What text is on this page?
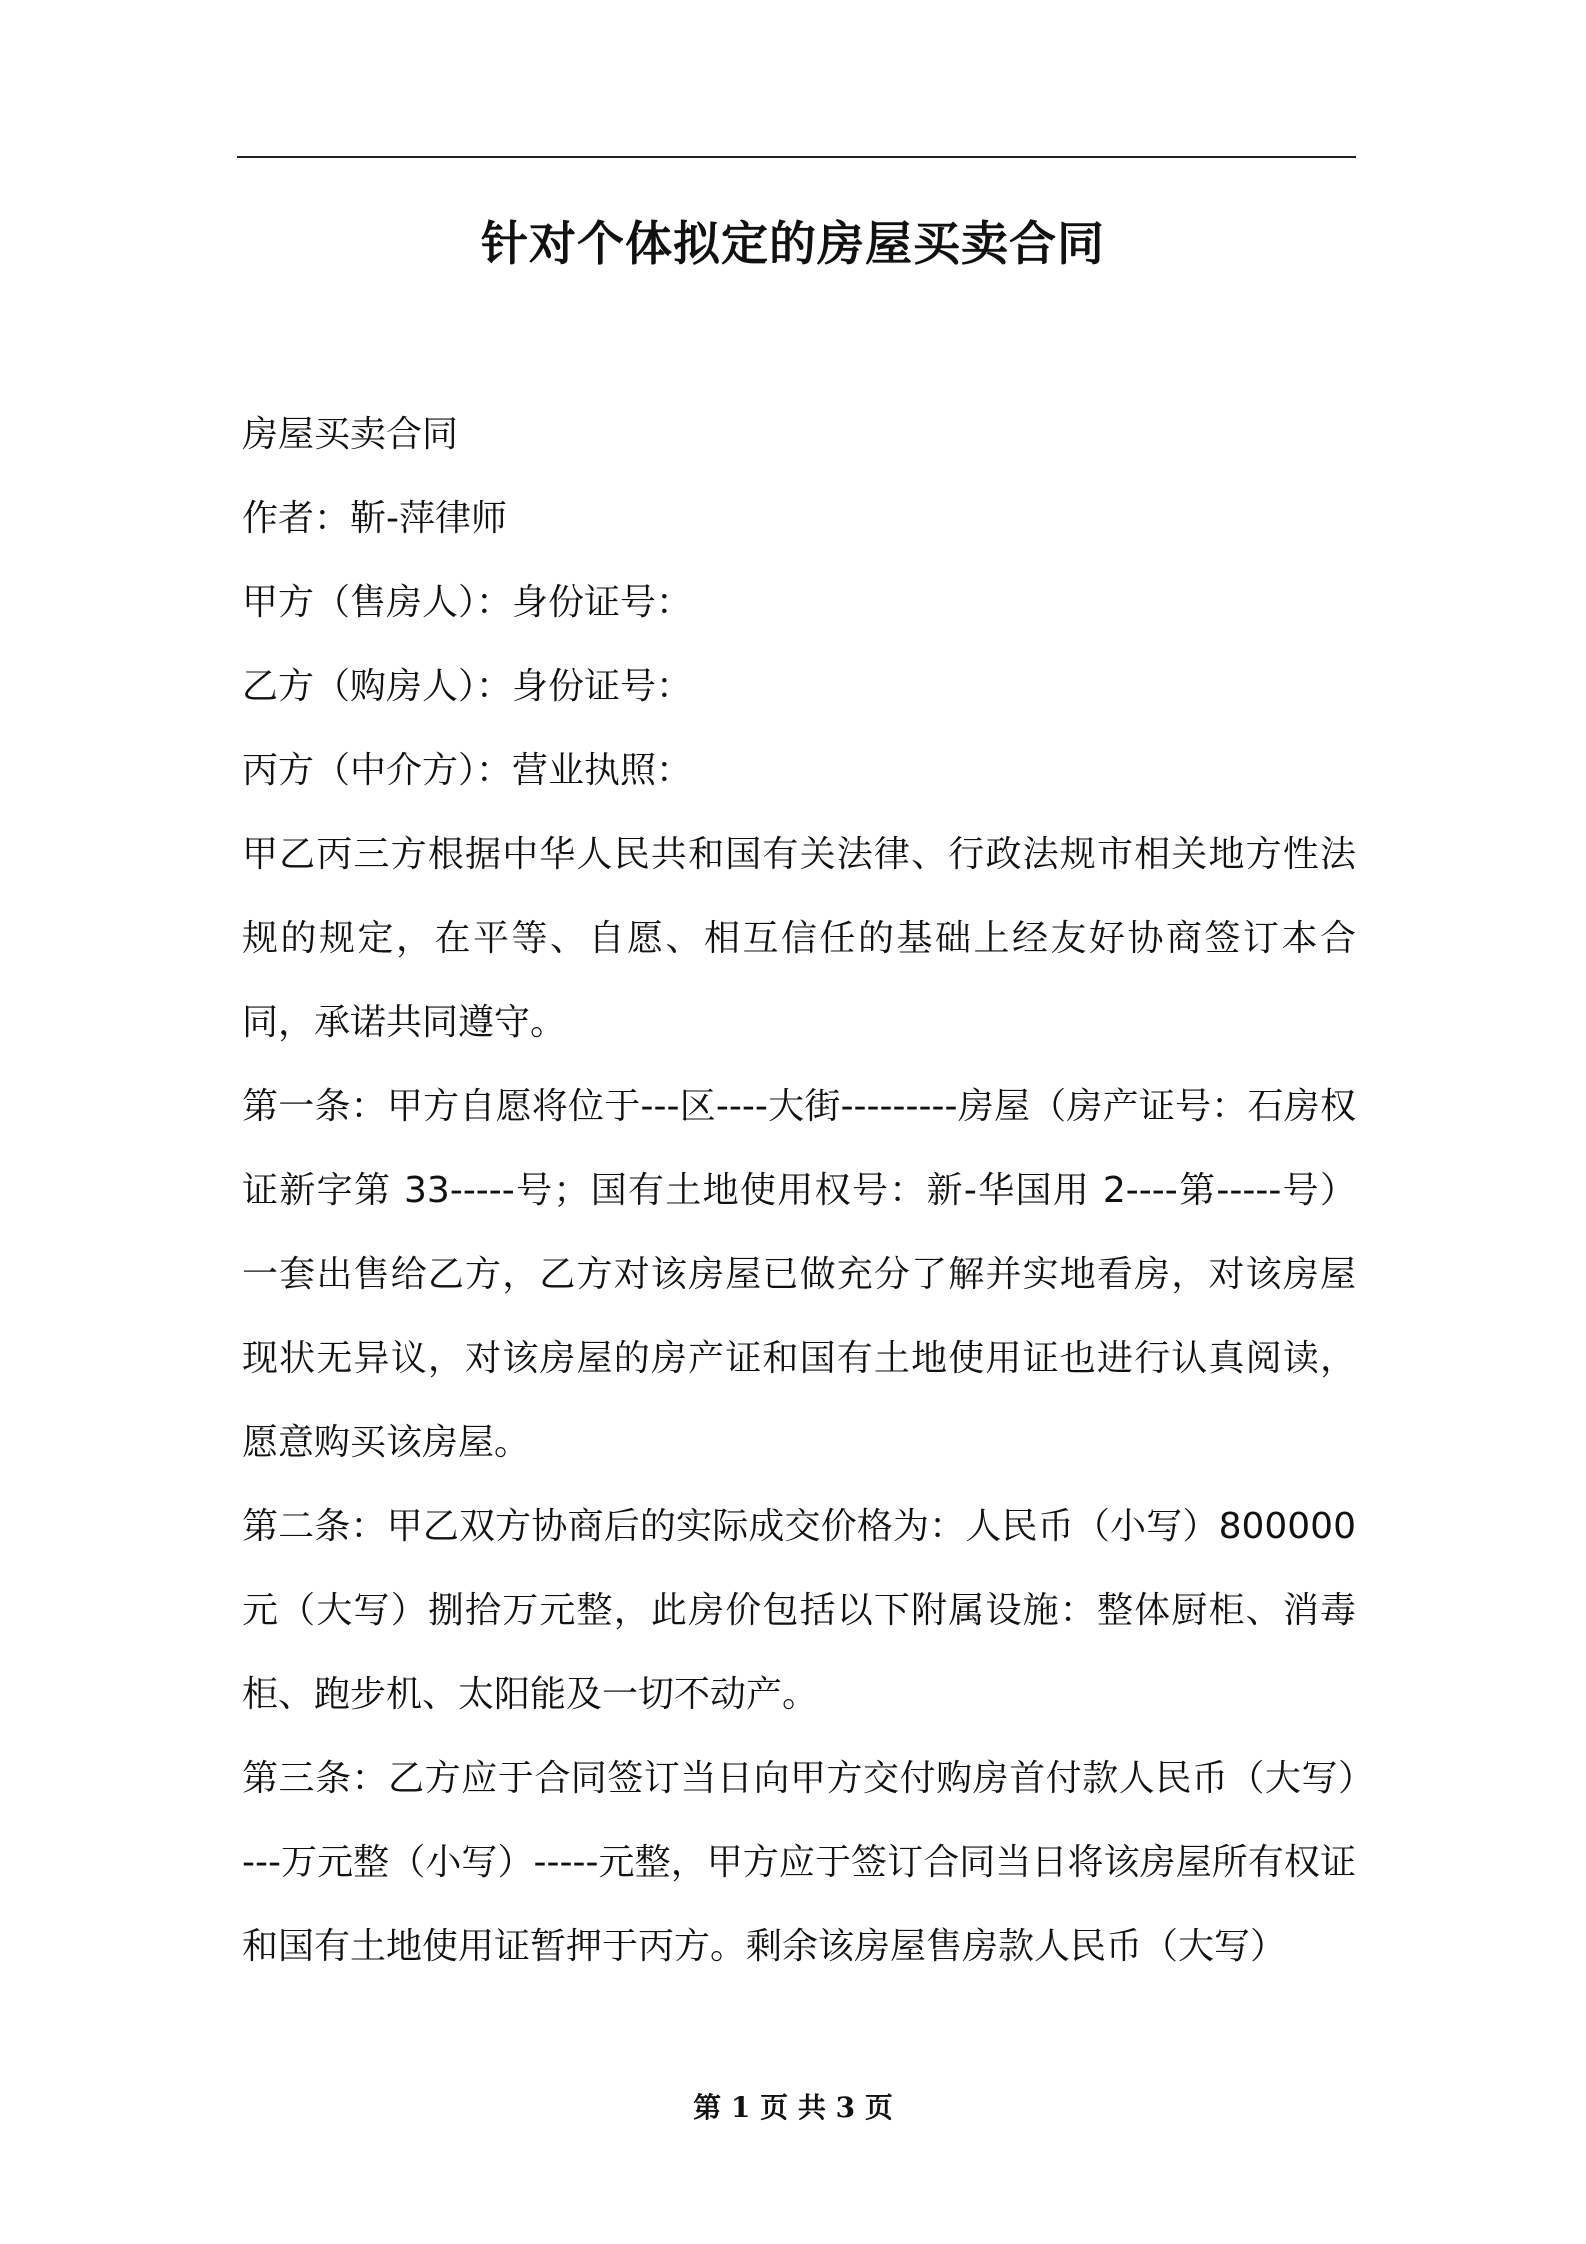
针对个体拟定的房屋买卖合同

房屋买卖合同

作者：靳-萍律师

甲方（售房人）：身份证号：

乙方（购房人）：身份证号：

丙方（中介方）：营业执照：

甲乙丙三方根据中华人民共和国有关法律、行政法规市相关地方性法规的规定，在平等、自愿、相互信任的基础上经友好协商签订本合同，承诺共同遵守。

第一条：甲方自愿将位于---区----大街---------房屋（房产证号：石房权证新字第 33-----号；国有土地使用权号：新-华国用 2----第-----号）一套出售给乙方，乙方对该房屋已做充分了解并实地看房，对该房屋现状无异议，对该房屋的房产证和国有土地使用证也进行认真阅读，愿意购买该房屋。

第二条：甲乙双方协商后的实际成交价格为：人民币（小写）800000 元（大写）捌拾万元整，此房价包括以下附属设施：整体厨柜、消毒柜、跑步机、太阳能及一切不动产。

第三条：乙方应于合同签订当日向甲方交付购房首付款人民币（大写）---万元整（小写）-----元整，甲方应于签订合同当日将该房屋所有权证和国有土地使用证暂押于丙方。剩余该房屋售房款人民币（大写）

第 1 页 共 3 页
